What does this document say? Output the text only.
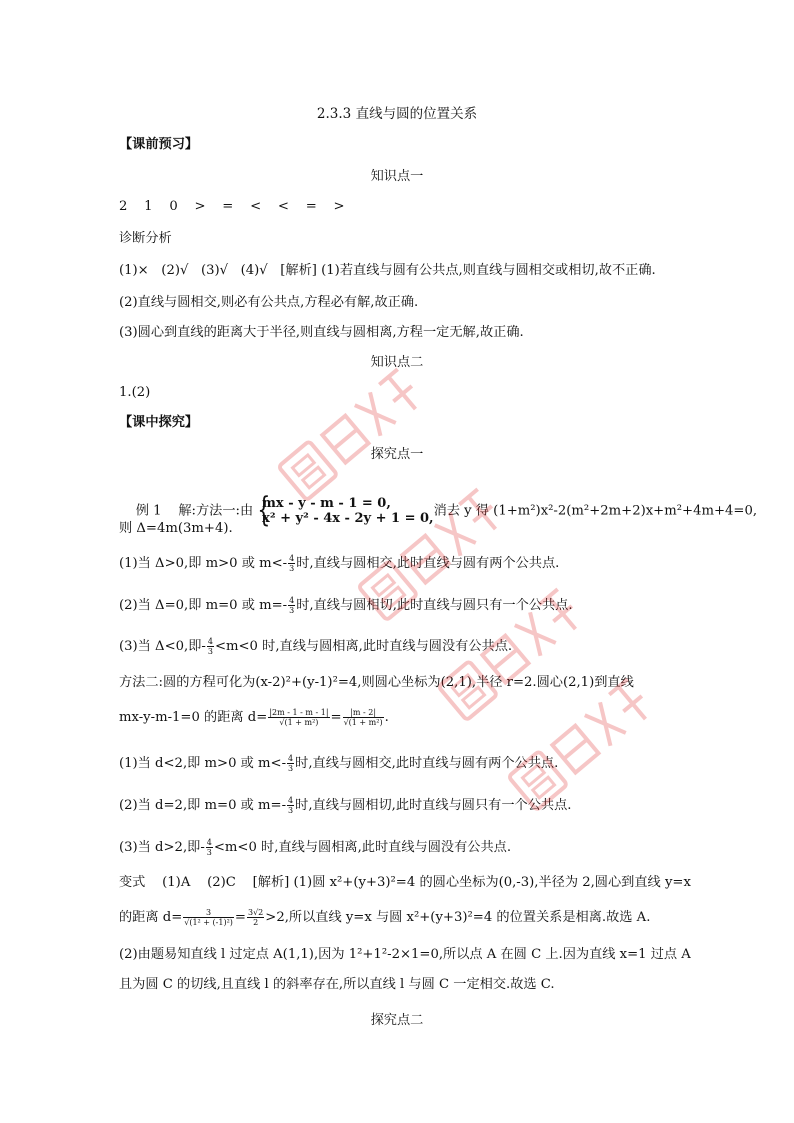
2.3.3 直线与圆的位置关系
【课前预习】
知识点一
2    1    0    >    =    <    <    =    >
诊断分析
(1)×   (2)√   (3)√   (4)√   [解析] (1)若直线与圆有公共点,则直线与圆相交或相切,故不正确.
(2)直线与圆相交,则必有公共点,方程必有解,故正确.
(3)圆心到直线的距离大于半径,则直线与圆相离,方程一定无解,故正确.
知识点二
1.(2)
【课中探究】
探究点一

例 1    解:方法一:由 {
mx - y - m - 1 = 0,
x² + y² - 4x - 2y + 1 = 0, 消去 y 得 (1+m²)x²-2(m²+2m+2)x+m²+4m+4=0,

则 Δ=4m(3m+4).
(1)当 Δ>0,即 m>0 或 $m<- \frac{4}{3}$ 时,直线与圆相交,此时直线与圆有两个公共点.
(2)当 Δ=0,即 m=0 或 $m=- \frac{4}{3}$ 时,直线与圆相切,此时直线与圆只有一个公共点.
(3)当 Δ<0,即- $\frac{4}{3} <m<0$ 时,直线与圆相离,此时直线与圆没有公共点.
方法二:圆的方程可化为(x-2)²+(y-1)²=4,则圆心坐标为(2,1),半径 r=2.圆心(2,1)到直线
mx-y-m-1=0 的距离 $d= \frac{|2m - 1 - m - 1|}{\text{√(1 + m²)}} = \frac{|m - 2|}{\text{√(1 + m²)}}$ .
(1)当 d<2,即 m>0 或 $m<- \frac{4}{3}$ 时,直线与圆相交,此时直线与圆有两个公共点.
(2)当 d=2,即 m=0 或 $m=- \frac{4}{3}$ 时,直线与圆相切,此时直线与圆只有一个公共点.
(3)当 d>2,即- $\frac{4}{3} <m<0$ 时,直线与圆相离,此时直线与圆没有公共点.
变式    (1)A    (2)C    [解析] (1)圆 x²+(y+3)²=4 的圆心坐标为(0,-3),半径为 2,圆心到直线 y=x
的距离 $d= \frac{3}{\text{√(1² + (-1)²)}} = \frac{3√2}{2} >2$,所以直线 y=x 与圆 x²+(y+3)²=4 的位置关系是相离.故选 A.
(2)由题易知直线 l 过定点 A(1,1),因为 1²+1²-2×1=0,所以点 A 在圆 C 上.因为直线 x=1 过点 A
且为圆 C 的切线,且直线 l 的斜率存在,所以直线 l 与圆 C 一定相交.故选 C.
探究点二
